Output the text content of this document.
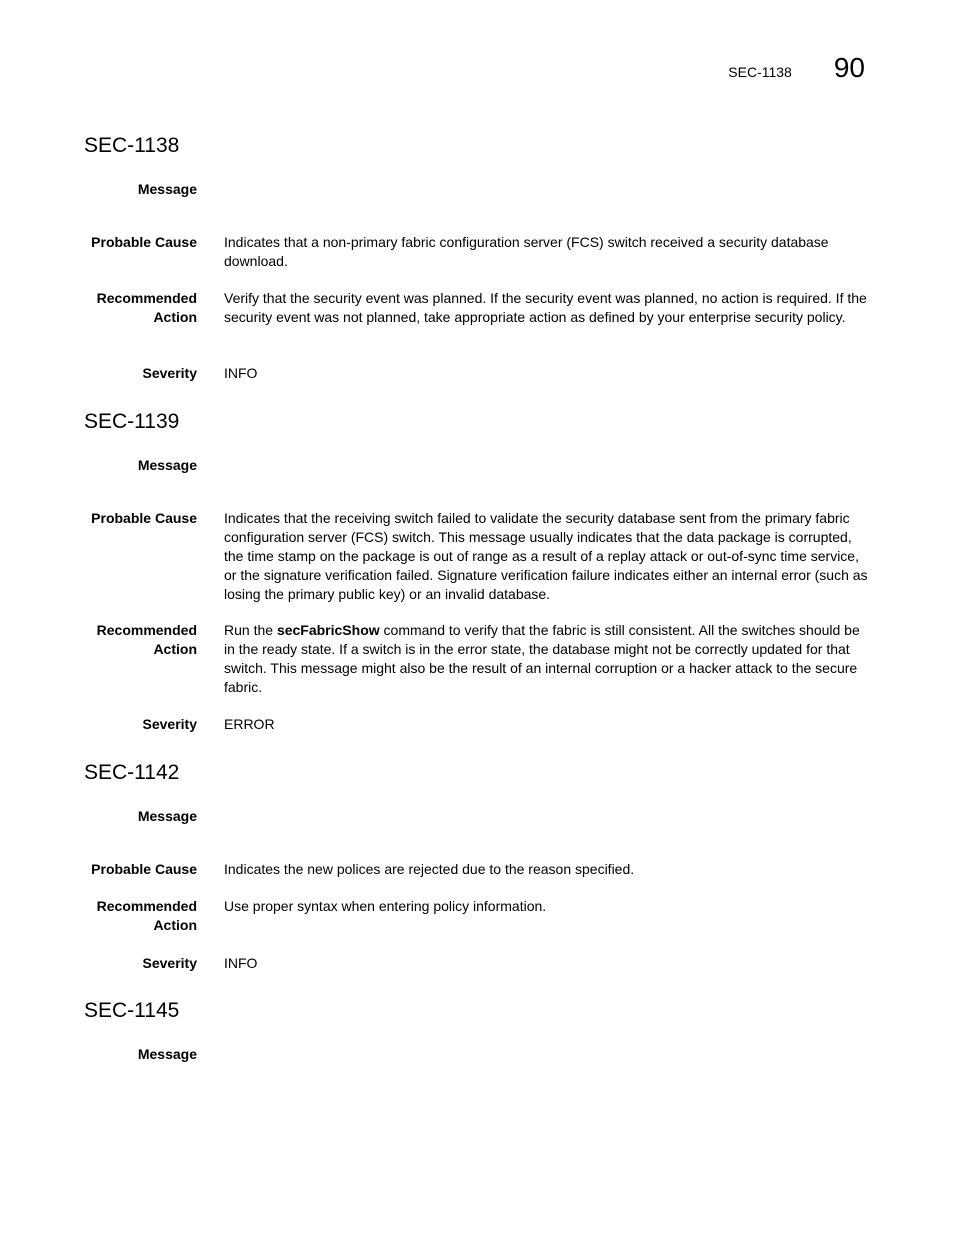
SEC-1138 90
SEC-1138
Message
Probable Cause Indicates that a non-primary fabric configuration server (FCS) switch received a security database download.
Recommended
Action
Verify that the security event was planned. If the security event was planned, no action is required. If the security event was not planned, take appropriate action as defined by your enterprise security policy.
Severity INFO
SEC-1139
Message
Probable Cause Indicates that the receiving switch failed to validate the security database sent from the primary fabric configuration server (FCS) switch. This message usually indicates that the data package is corrupted, the time stamp on the package is out of range as a result of a replay attack or out-of-sync time service, or the signature verification failed. Signature verification failure indicates either an internal error (such as losing the primary public key) or an invalid database.
Recommended
Action
Run the secFabricShow command to verify that the fabric is still consistent. All the switches should be in the ready state. If a switch is in the error state, the database might not be correctly updated for that switch. This message might also be the result of an internal corruption or a hacker attack to the secure fabric.
Severity ERROR
SEC-1142
Message
Probable Cause Indicates the new polices are rejected due to the reason specified.
Recommended
Action
Use proper syntax when entering policy information.
Severity INFO
SEC-1145
Message
